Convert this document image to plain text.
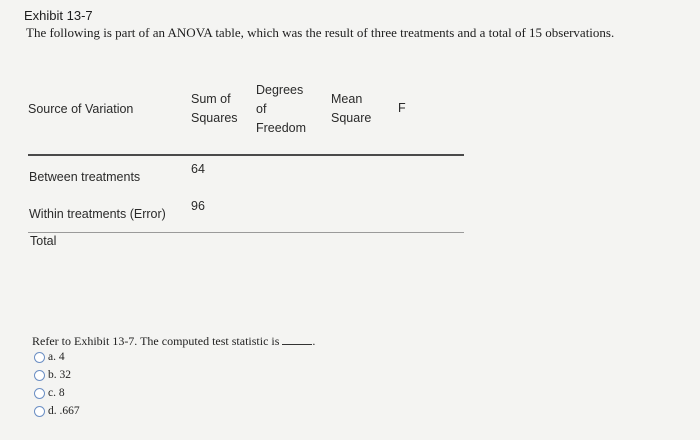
Exhibit 13-7
The following is part of an ANOVA table, which was the result of three treatments and a total of 15 observations.
Source of Variation
Sum of
Squares
Degrees
of
Freedom
Mean
Square
F
Between treatments
64
Within treatments (Error)
96
Total
Refer to Exhibit 13-7. The computed test statistic is	.
a. 4
b. 32
c. 8
d. .667
